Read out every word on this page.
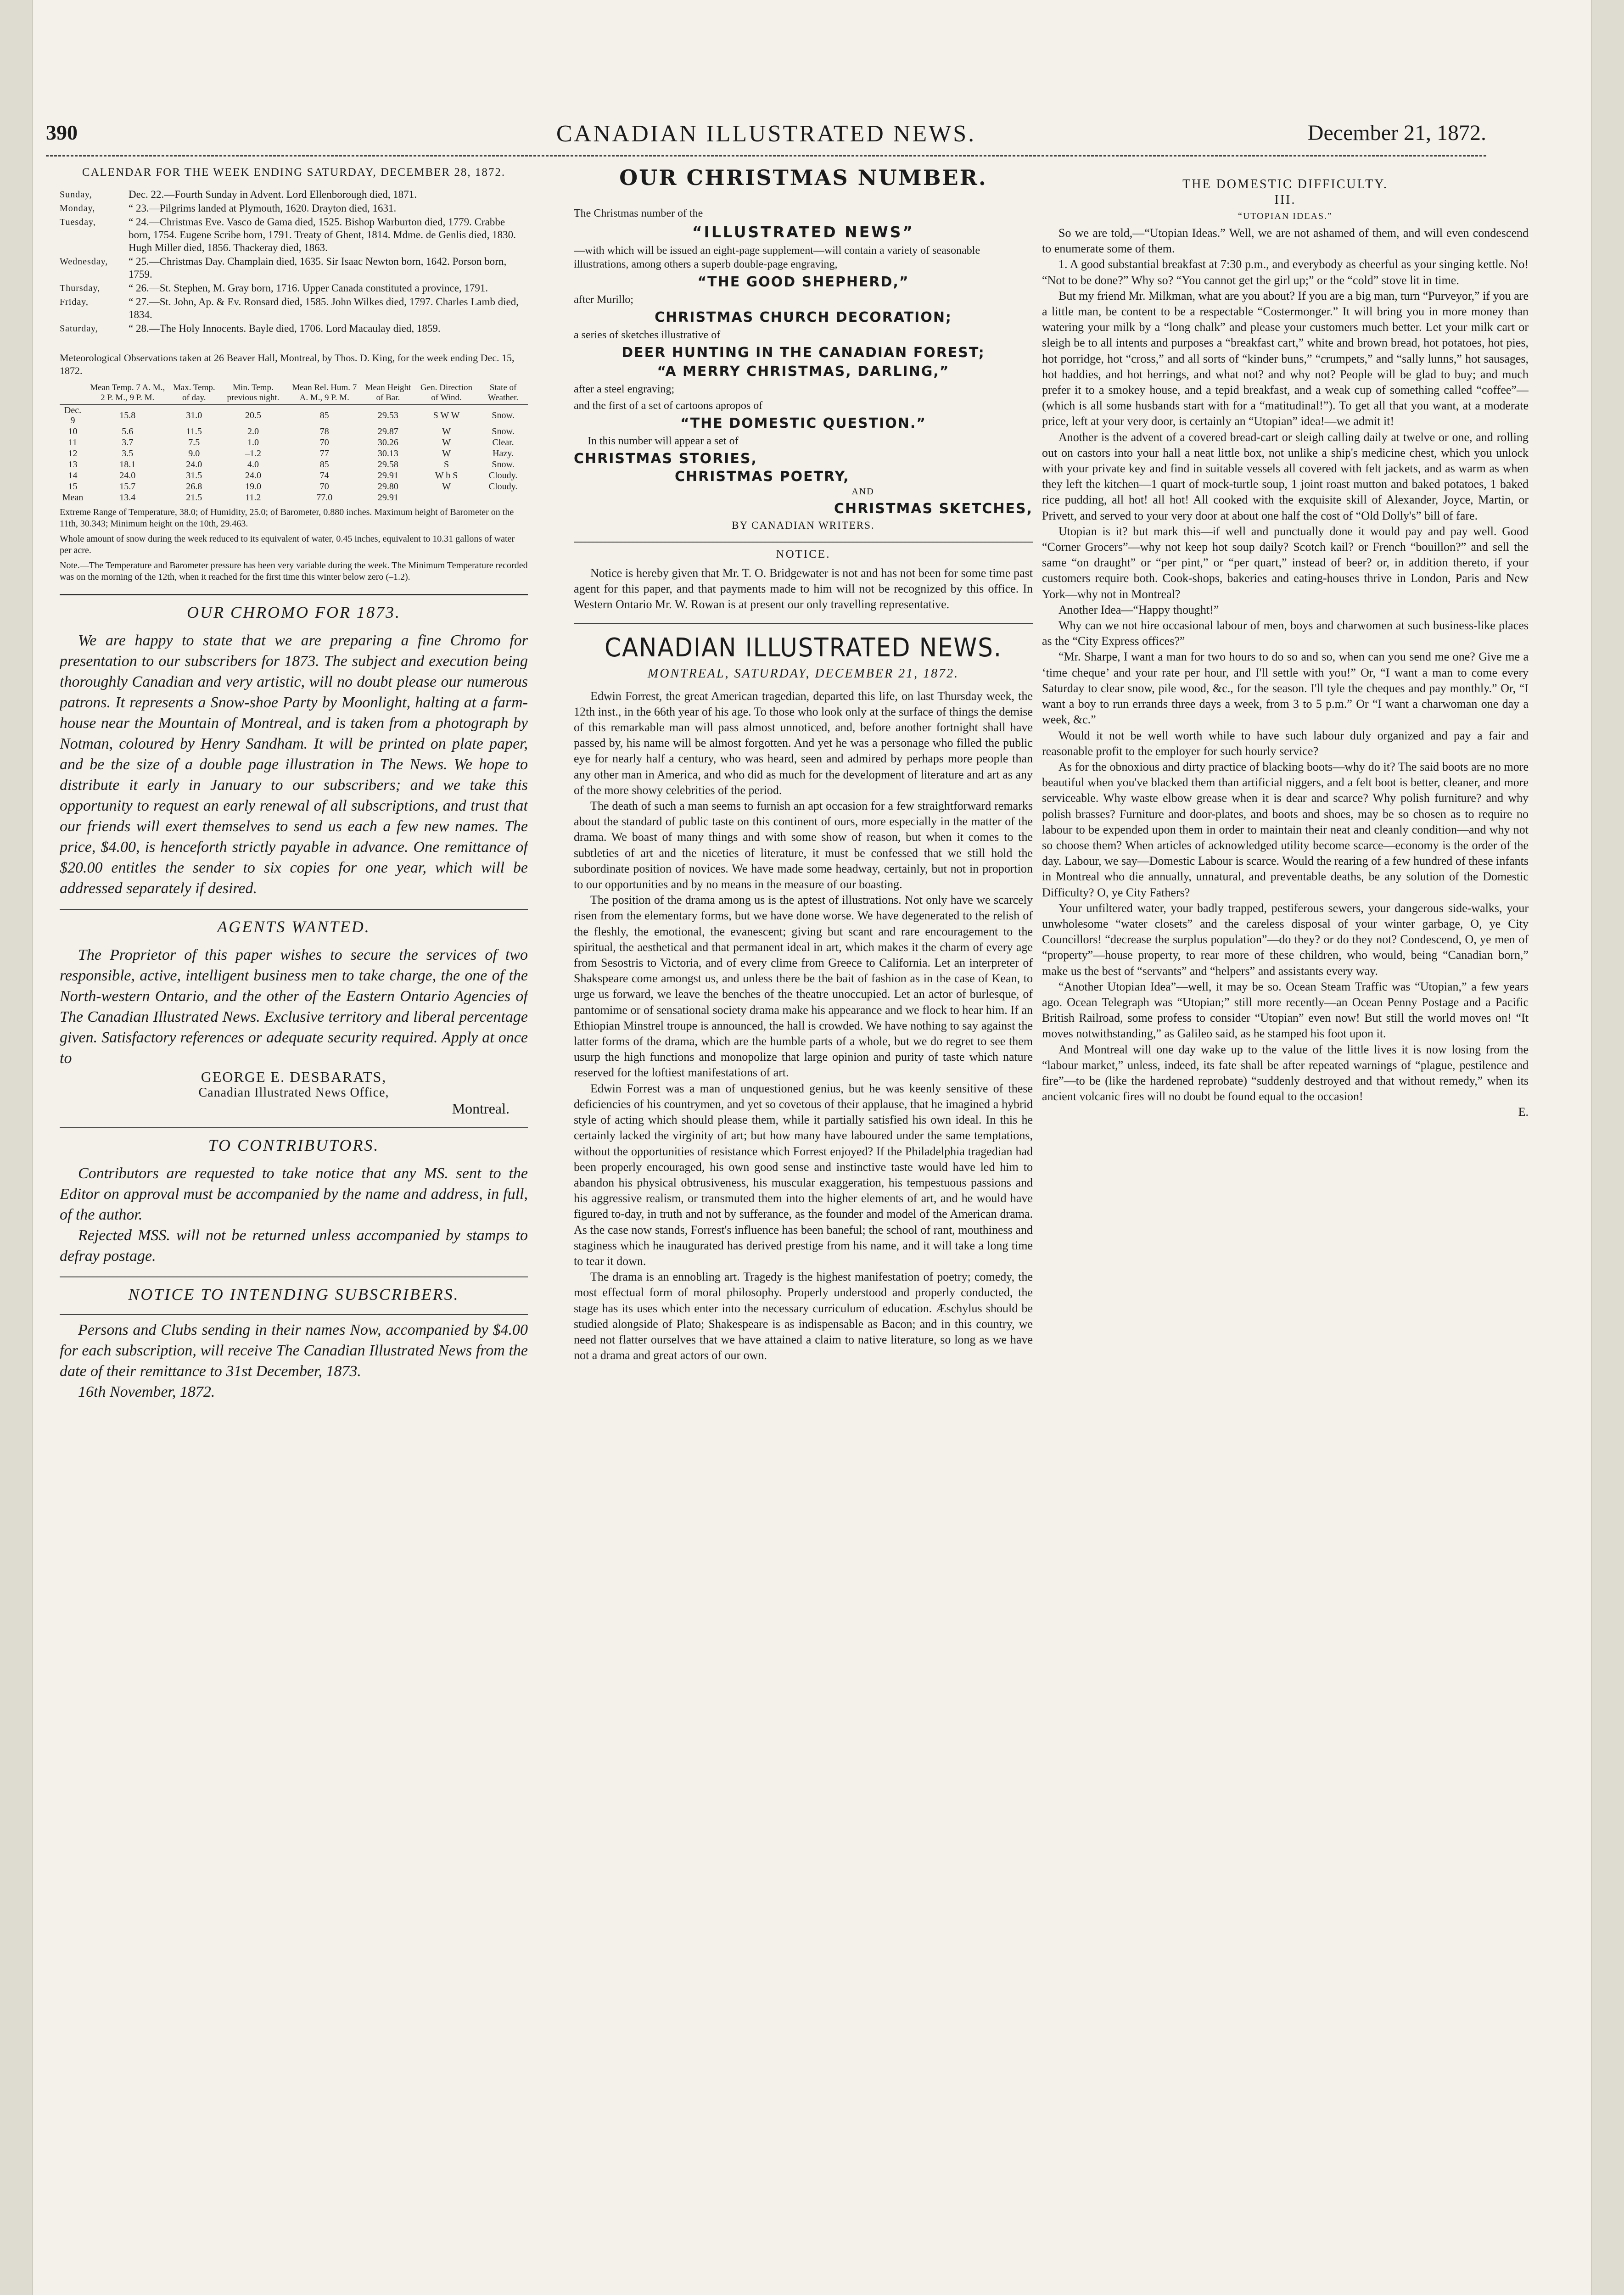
390	CANADIAN ILLUSTRATED NEWS.	December 21, 1872.

CALENDAR FOR THE WEEK ENDING SATURDAY, DECEMBER 28, 1872.

Sunday,	Dec. 22.—Fourth Sunday in Advent. Lord Ellenborough died, 1871.
Monday,	“ 23.—Pilgrims landed at Plymouth, 1620. Drayton died, 1631.
Tuesday,	“ 24.—Christmas Eve. Vasco de Gama died, 1525. Bishop Warburton died, 1779. Crabbe born, 1754. Eugene Scribe born, 1791. Treaty of Ghent, 1814. Mdme. de Genlis died, 1830. Hugh Miller died, 1856. Thackeray died, 1863.
Wednesday,	“ 25.—Christmas Day. Champlain died, 1635. Sir Isaac Newton born, 1642. Porson born, 1759.
Thursday,	“ 26.—St. Stephen, M. Gray born, 1716. Upper Canada constituted a province, 1791.
Friday,	“ 27.—St. John, Ap. & Ev. Ronsard died, 1585. John Wilkes died, 1797. Charles Lamb died, 1834.
Saturday,	“ 28.—The Holy Innocents. Bayle died, 1706. Lord Macaulay died, 1859.

Meteorological Observations taken at 26 Beaver Hall, Montreal, by Thos. D. King, for the week ending Dec. 15, 1872.

	Mean Temp. 7 A. M., 2 P. M., 9 P. M.	Max. Temp. of day.	Min. Temp. previous night.	Mean Rel. Hum. 7 A. M., 9 P. M.	Mean Height of Bar.	Gen. Direction of Wind.	State of Weather.
Dec. 9	15.8	31.0	20.5	85	29.53	S W W	Snow.
10	5.6	11.5	2.0	78	29.87	W	Snow.
11	3.7	7.5	1.0	70	30.26	W	Clear.
12	3.5	9.0	–1.2	77	30.13	W	Hazy.
13	18.1	24.0	4.0	85	29.58	S	Snow.
14	24.0	31.5	24.0	74	29.91	W b S	Cloudy.
15	15.7	26.8	19.0	70	29.80	W	Cloudy.
Mean	13.4	21.5	11.2	77.0	29.91		

Extreme Range of Temperature, 38.0; of Humidity, 25.0; of Barometer, 0.880 inches. Maximum height of Barometer on the 11th, 30.343; Minimum height on the 10th, 29.463.

Whole amount of snow during the week reduced to its equivalent of water, 0.45 inches, equivalent to 10.31 gallons of water per acre.

Note.—The Temperature and Barometer pressure has been very variable during the week. The Minimum Temperature recorded was on the morning of the 12th, when it reached for the first time this winter below zero (–1.2).

OUR CHROMO FOR 1873.

We are happy to state that we are preparing a fine Chromo for presentation to our subscribers for 1873. The subject and execution being thoroughly Canadian and very artistic, will no doubt please our numerous patrons. It represents a Snow-shoe Party by Moonlight, halting at a farm-house near the Mountain of Montreal, and is taken from a photograph by Notman, coloured by Henry Sandham. It will be printed on plate paper, and be the size of a double page illustration in The News. We hope to distribute it early in January to our subscribers; and we take this opportunity to request an early renewal of all subscriptions, and trust that our friends will exert themselves to send us each a few new names. The price, $4.00, is henceforth strictly payable in advance. One remittance of $20.00 entitles the sender to six copies for one year, which will be addressed separately if desired.

AGENTS WANTED.

The Proprietor of this paper wishes to secure the services of two responsible, active, intelligent business men to take charge, the one of the North-western Ontario, and the other of the Eastern Ontario Agencies of The Canadian Illustrated News. Exclusive territory and liberal percentage given. Satisfactory references or adequate security required. Apply at once to

GEORGE E. DESBARATS,

Canadian Illustrated News Office,

Montreal.

TO CONTRIBUTORS.

Contributors are requested to take notice that any MS. sent to the Editor on approval must be accompanied by the name and address, in full, of the author.

Rejected MSS. will not be returned unless accompanied by stamps to defray postage.

NOTICE TO INTENDING SUBSCRIBERS.

Persons and Clubs sending in their names Now, accompanied by $4.00 for each subscription, will receive The Canadian Illustrated News from the date of their remittance to 31st December, 1873.

16th November, 1872.

OUR CHRISTMAS NUMBER.

The Christmas number of the

“ILLUSTRATED NEWS”

—with which will be issued an eight-page supplement—will contain a variety of seasonable illustrations, among others a superb double-page engraving,

“THE GOOD SHEPHERD,”

after Murillo;

CHRISTMAS CHURCH DECORATION;

a series of sketches illustrative of

DEER HUNTING IN THE CANADIAN FOREST;

“A MERRY CHRISTMAS, DARLING,”

after a steel engraving;

and the first of a set of cartoons apropos of

“THE DOMESTIC QUESTION.”

In this number will appear a set of

CHRISTMAS STORIES,

CHRISTMAS POETRY,

AND

CHRISTMAS SKETCHES,

BY CANADIAN WRITERS.

NOTICE.

Notice is hereby given that Mr. T. O. Bridgewater is not and has not been for some time past agent for this paper, and that payments made to him will not be recognized by this office. In Western Ontario Mr. W. Rowan is at present our only travelling representative.

CANADIAN ILLUSTRATED NEWS.

MONTREAL, SATURDAY, DECEMBER 21, 1872.

Edwin Forrest, the great American tragedian, departed this life, on last Thursday week, the 12th inst., in the 66th year of his age. To those who look only at the surface of things the demise of this remarkable man will pass almost unnoticed, and, before another fortnight shall have passed by, his name will be almost forgotten. And yet he was a personage who filled the public eye for nearly half a century, who was heard, seen and admired by perhaps more people than any other man in America, and who did as much for the development of literature and art as any of the more showy celebrities of the period.

The death of such a man seems to furnish an apt occasion for a few straightforward remarks about the standard of public taste on this continent of ours, more especially in the matter of the drama. We boast of many things and with some show of reason, but when it comes to the subtleties of art and the niceties of literature, it must be confessed that we still hold the subordinate position of novices. We have made some headway, certainly, but not in proportion to our opportunities and by no means in the measure of our boasting.

The position of the drama among us is the aptest of illustrations. Not only have we scarcely risen from the elementary forms, but we have done worse. We have degenerated to the relish of the fleshly, the emotional, the evanescent; giving but scant and rare encouragement to the spiritual, the aesthetical and that permanent ideal in art, which makes it the charm of every age from Sesostris to Victoria, and of every clime from Greece to California. Let an interpreter of Shakspeare come amongst us, and unless there be the bait of fashion as in the case of Kean, to urge us forward, we leave the benches of the theatre unoccupied. Let an actor of burlesque, of pantomime or of sensational society drama make his appearance and we flock to hear him. If an Ethiopian Minstrel troupe is announced, the hall is crowded. We have nothing to say against the latter forms of the drama, which are the humble parts of a whole, but we do regret to see them usurp the high functions and monopolize that large opinion and purity of taste which nature reserved for the loftiest manifestations of art.

Edwin Forrest was a man of unquestioned genius, but he was keenly sensitive of these deficiencies of his countrymen, and yet so covetous of their applause, that he imagined a hybrid style of acting which should please them, while it partially satisfied his own ideal. In this he certainly lacked the virginity of art; but how many have laboured under the same temptations, without the opportunities of resistance which Forrest enjoyed? If the Philadelphia tragedian had been properly encouraged, his own good sense and instinctive taste would have led him to abandon his physical obtrusiveness, his muscular exaggeration, his tempestuous passions and his aggressive realism, or transmuted them into the higher elements of art, and he would have figured to-day, in truth and not by sufferance, as the founder and model of the American drama. As the case now stands, Forrest's influence has been baneful; the school of rant, mouthiness and staginess which he inaugurated has derived prestige from his name, and it will take a long time to tear it down.

The drama is an ennobling art. Tragedy is the highest manifestation of poetry; comedy, the most effectual form of moral philosophy. Properly understood and properly conducted, the stage has its uses which enter into the necessary curriculum of education. Æschylus should be studied alongside of Plato; Shakespeare is as indispensable as Bacon; and in this country, we need not flatter ourselves that we have attained a claim to native literature, so long as we have not a drama and great actors of our own.

THE DOMESTIC DIFFICULTY.

III.

“UTOPIAN IDEAS.”

So we are told,—“Utopian Ideas.” Well, we are not ashamed of them, and will even condescend to enumerate some of them.

1. A good substantial breakfast at 7:30 p.m., and everybody as cheerful as your singing kettle. No! “Not to be done?” Why so? “You cannot get the girl up;” or the “cold” stove lit in time.

But my friend Mr. Milkman, what are you about? If you are a big man, turn “Purveyor,” if you are a little man, be content to be a respectable “Costermonger.” It will bring you in more money than watering your milk by a “long chalk” and please your customers much better. Let your milk cart or sleigh be to all intents and purposes a “breakfast cart,” white and brown bread, hot potatoes, hot pies, hot porridge, hot “cross,” and all sorts of “kinder buns,” “crumpets,” and “sally lunns,” hot sausages, hot haddies, and hot herrings, and what not? and why not? People will be glad to buy; and much prefer it to a smokey house, and a tepid breakfast, and a weak cup of something called “coffee”—(which is all some husbands start with for a “matitudinal!”). To get all that you want, at a moderate price, left at your very door, is certainly an “Utopian” idea!—we admit it!

Another is the advent of a covered bread-cart or sleigh calling daily at twelve or one, and rolling out on castors into your hall a neat little box, not unlike a ship's medicine chest, which you unlock with your private key and find in suitable vessels all covered with felt jackets, and as warm as when they left the kitchen—1 quart of mock-turtle soup, 1 joint roast mutton and baked potatoes, 1 baked rice pudding, all hot! all hot! All cooked with the exquisite skill of Alexander, Joyce, Martin, or Privett, and served to your very door at about one half the cost of “Old Dolly's” bill of fare.

Utopian is it? but mark this—if well and punctually done it would pay and pay well. Good “Corner Grocers”—why not keep hot soup daily? Scotch kail? or French “bouillon?” and sell the same “on draught” or “per pint,” or “per quart,” instead of beer? or, in addition thereto, if your customers require both. Cook-shops, bakeries and eating-houses thrive in London, Paris and New York—why not in Montreal?

Another Idea—“Happy thought!”

Why can we not hire occasional labour of men, boys and charwomen at such business-like places as the “City Express offices?”

“Mr. Sharpe, I want a man for two hours to do so and so, when can you send me one? Give me a ‘time cheque’ and your rate per hour, and I'll settle with you!” Or, “I want a man to come every Saturday to clear snow, pile wood, &c., for the season. I'll tyle the cheques and pay monthly.” Or, “I want a boy to run errands three days a week, from 3 to 5 p.m.” Or “I want a charwoman one day a week, &c.”

Would it not be well worth while to have such labour duly organized and pay a fair and reasonable profit to the employer for such hourly service?

As for the obnoxious and dirty practice of blacking boots—why do it? The said boots are no more beautiful when you've blacked them than artificial niggers, and a felt boot is better, cleaner, and more serviceable. Why waste elbow grease when it is dear and scarce? Why polish furniture? and why polish brasses? Furniture and door-plates, and boots and shoes, may be so chosen as to require no labour to be expended upon them in order to maintain their neat and cleanly condition—and why not so choose them? When articles of acknowledged utility become scarce—economy is the order of the day. Labour, we say—Domestic Labour is scarce. Would the rearing of a few hundred of these infants in Montreal who die annually, unnatural, and preventable deaths, be any solution of the Domestic Difficulty? O, ye City Fathers?

Your unfiltered water, your badly trapped, pestiferous sewers, your dangerous side-walks, your unwholesome “water closets” and the careless disposal of your winter garbage, O, ye City Councillors! “decrease the surplus population”—do they? or do they not? Condescend, O, ye men of “property”—house property, to rear more of these children, who would, being “Canadian born,” make us the best of “servants” and “helpers” and assistants every way.

“Another Utopian Idea”—well, it may be so. Ocean Steam Traffic was “Utopian,” a few years ago. Ocean Telegraph was “Utopian;” still more recently—an Ocean Penny Postage and a Pacific British Railroad, some profess to consider “Utopian” even now! But still the world moves on! “It moves notwithstanding,” as Galileo said, as he stamped his foot upon it.

And Montreal will one day wake up to the value of the little lives it is now losing from the “labour market,” unless, indeed, its fate shall be after repeated warnings of “plague, pestilence and fire”—to be (like the hardened reprobate) “suddenly destroyed and that without remedy,” when its ancient volcanic fires will no doubt be found equal to the occasion!

E.
